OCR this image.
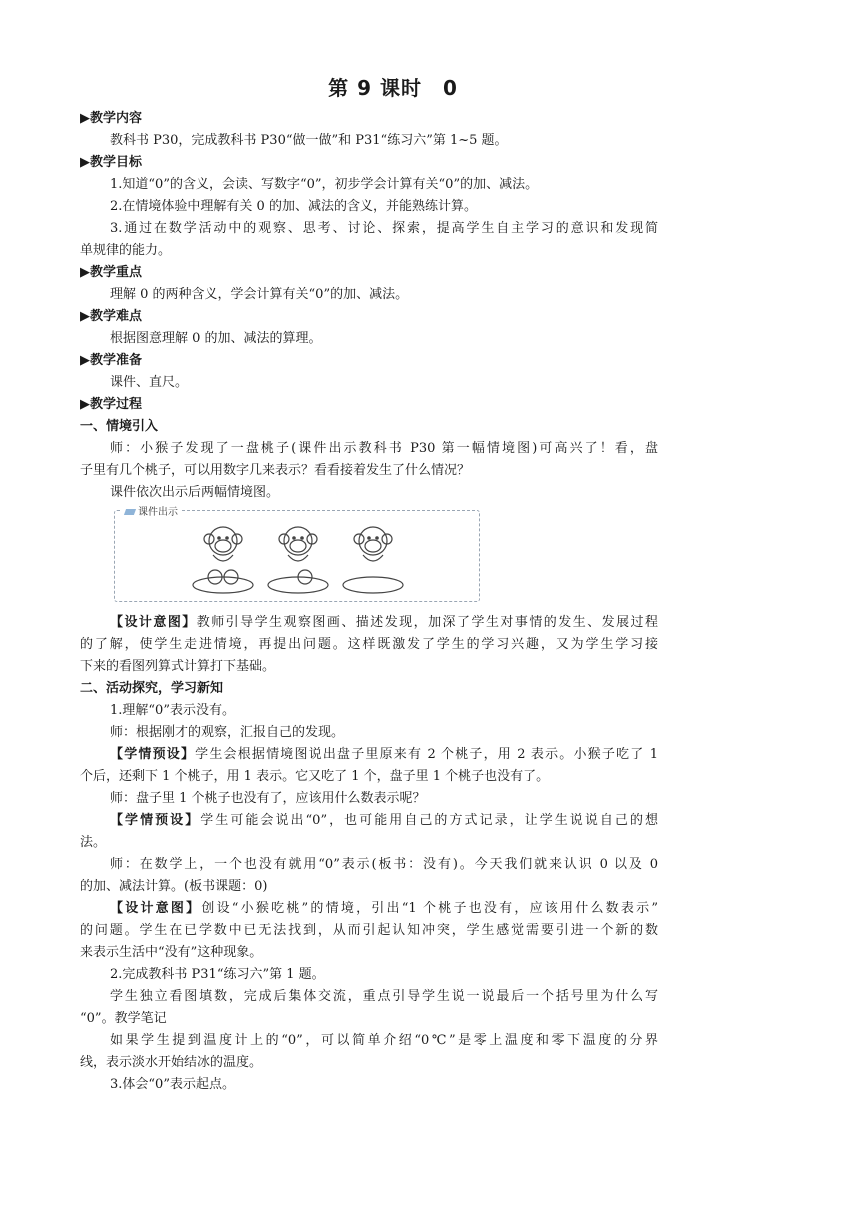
第 9 课时　0

▶教学内容

教科书 P30，完成教科书 P30“做一做”和 P31“练习六”第 1~5 题。

▶教学目标

1.知道“0”的含义，会读、写数字“0”，初步学会计算有关“0”的加、减法。

2.在情境体验中理解有关 0 的加、减法的含义，并能熟练计算。

3.通过在数学活动中的观察、思考、讨论、探索，提高学生自主学习的意识和发现简

单规律的能力。

▶教学重点

理解 0 的两种含义，学会计算有关“0”的加、减法。

▶教学难点

根据图意理解 0 的加、减法的算理。

▶教学准备

课件、直尺。

▶教学过程

一、情境引入

师：小猴子发现了一盘桃子(课件出示教科书 P30 第一幅情境图)可高兴了！看，盘

子里有几个桃子，可以用数字几来表示？看看接着发生了什么情况？

课件依次出示后两幅情境图。

课件出示

【设计意图】教师引导学生观察图画、描述发现，加深了学生对事情的发生、发展过程

的了解，使学生走进情境，再提出问题。这样既激发了学生的学习兴趣，又为学生学习接

下来的看图列算式计算打下基础。

二、活动探究，学习新知

1.理解“0”表示没有。

师：根据刚才的观察，汇报自己的发现。

【学情预设】学生会根据情境图说出盘子里原来有 2 个桃子，用 2 表示。小猴子吃了 1

个后，还剩下 1 个桃子，用 1 表示。它又吃了 1 个，盘子里 1 个桃子也没有了。

师：盘子里 1 个桃子也没有了，应该用什么数表示呢？

【学情预设】学生可能会说出“0”，也可能用自己的方式记录，让学生说说自己的想

法。

师：在数学上，一个也没有就用“0”表示(板书：没有)。今天我们就来认识 0 以及 0

的加、减法计算。(板书课题：0)

【设计意图】创设“小猴吃桃”的情境，引出“1 个桃子也没有，应该用什么数表示”

的问题。学生在已学数中已无法找到，从而引起认知冲突，学生感觉需要引进一个新的数

来表示生活中“没有”这种现象。

2.完成教科书 P31“练习六”第 1 题。

学生独立看图填数，完成后集体交流，重点引导学生说一说最后一个括号里为什么写

“0”。教学笔记

如果学生提到温度计上的“0”，可以简单介绍“0℃”是零上温度和零下温度的分界

线，表示淡水开始结冰的温度。

3.体会“0”表示起点。
